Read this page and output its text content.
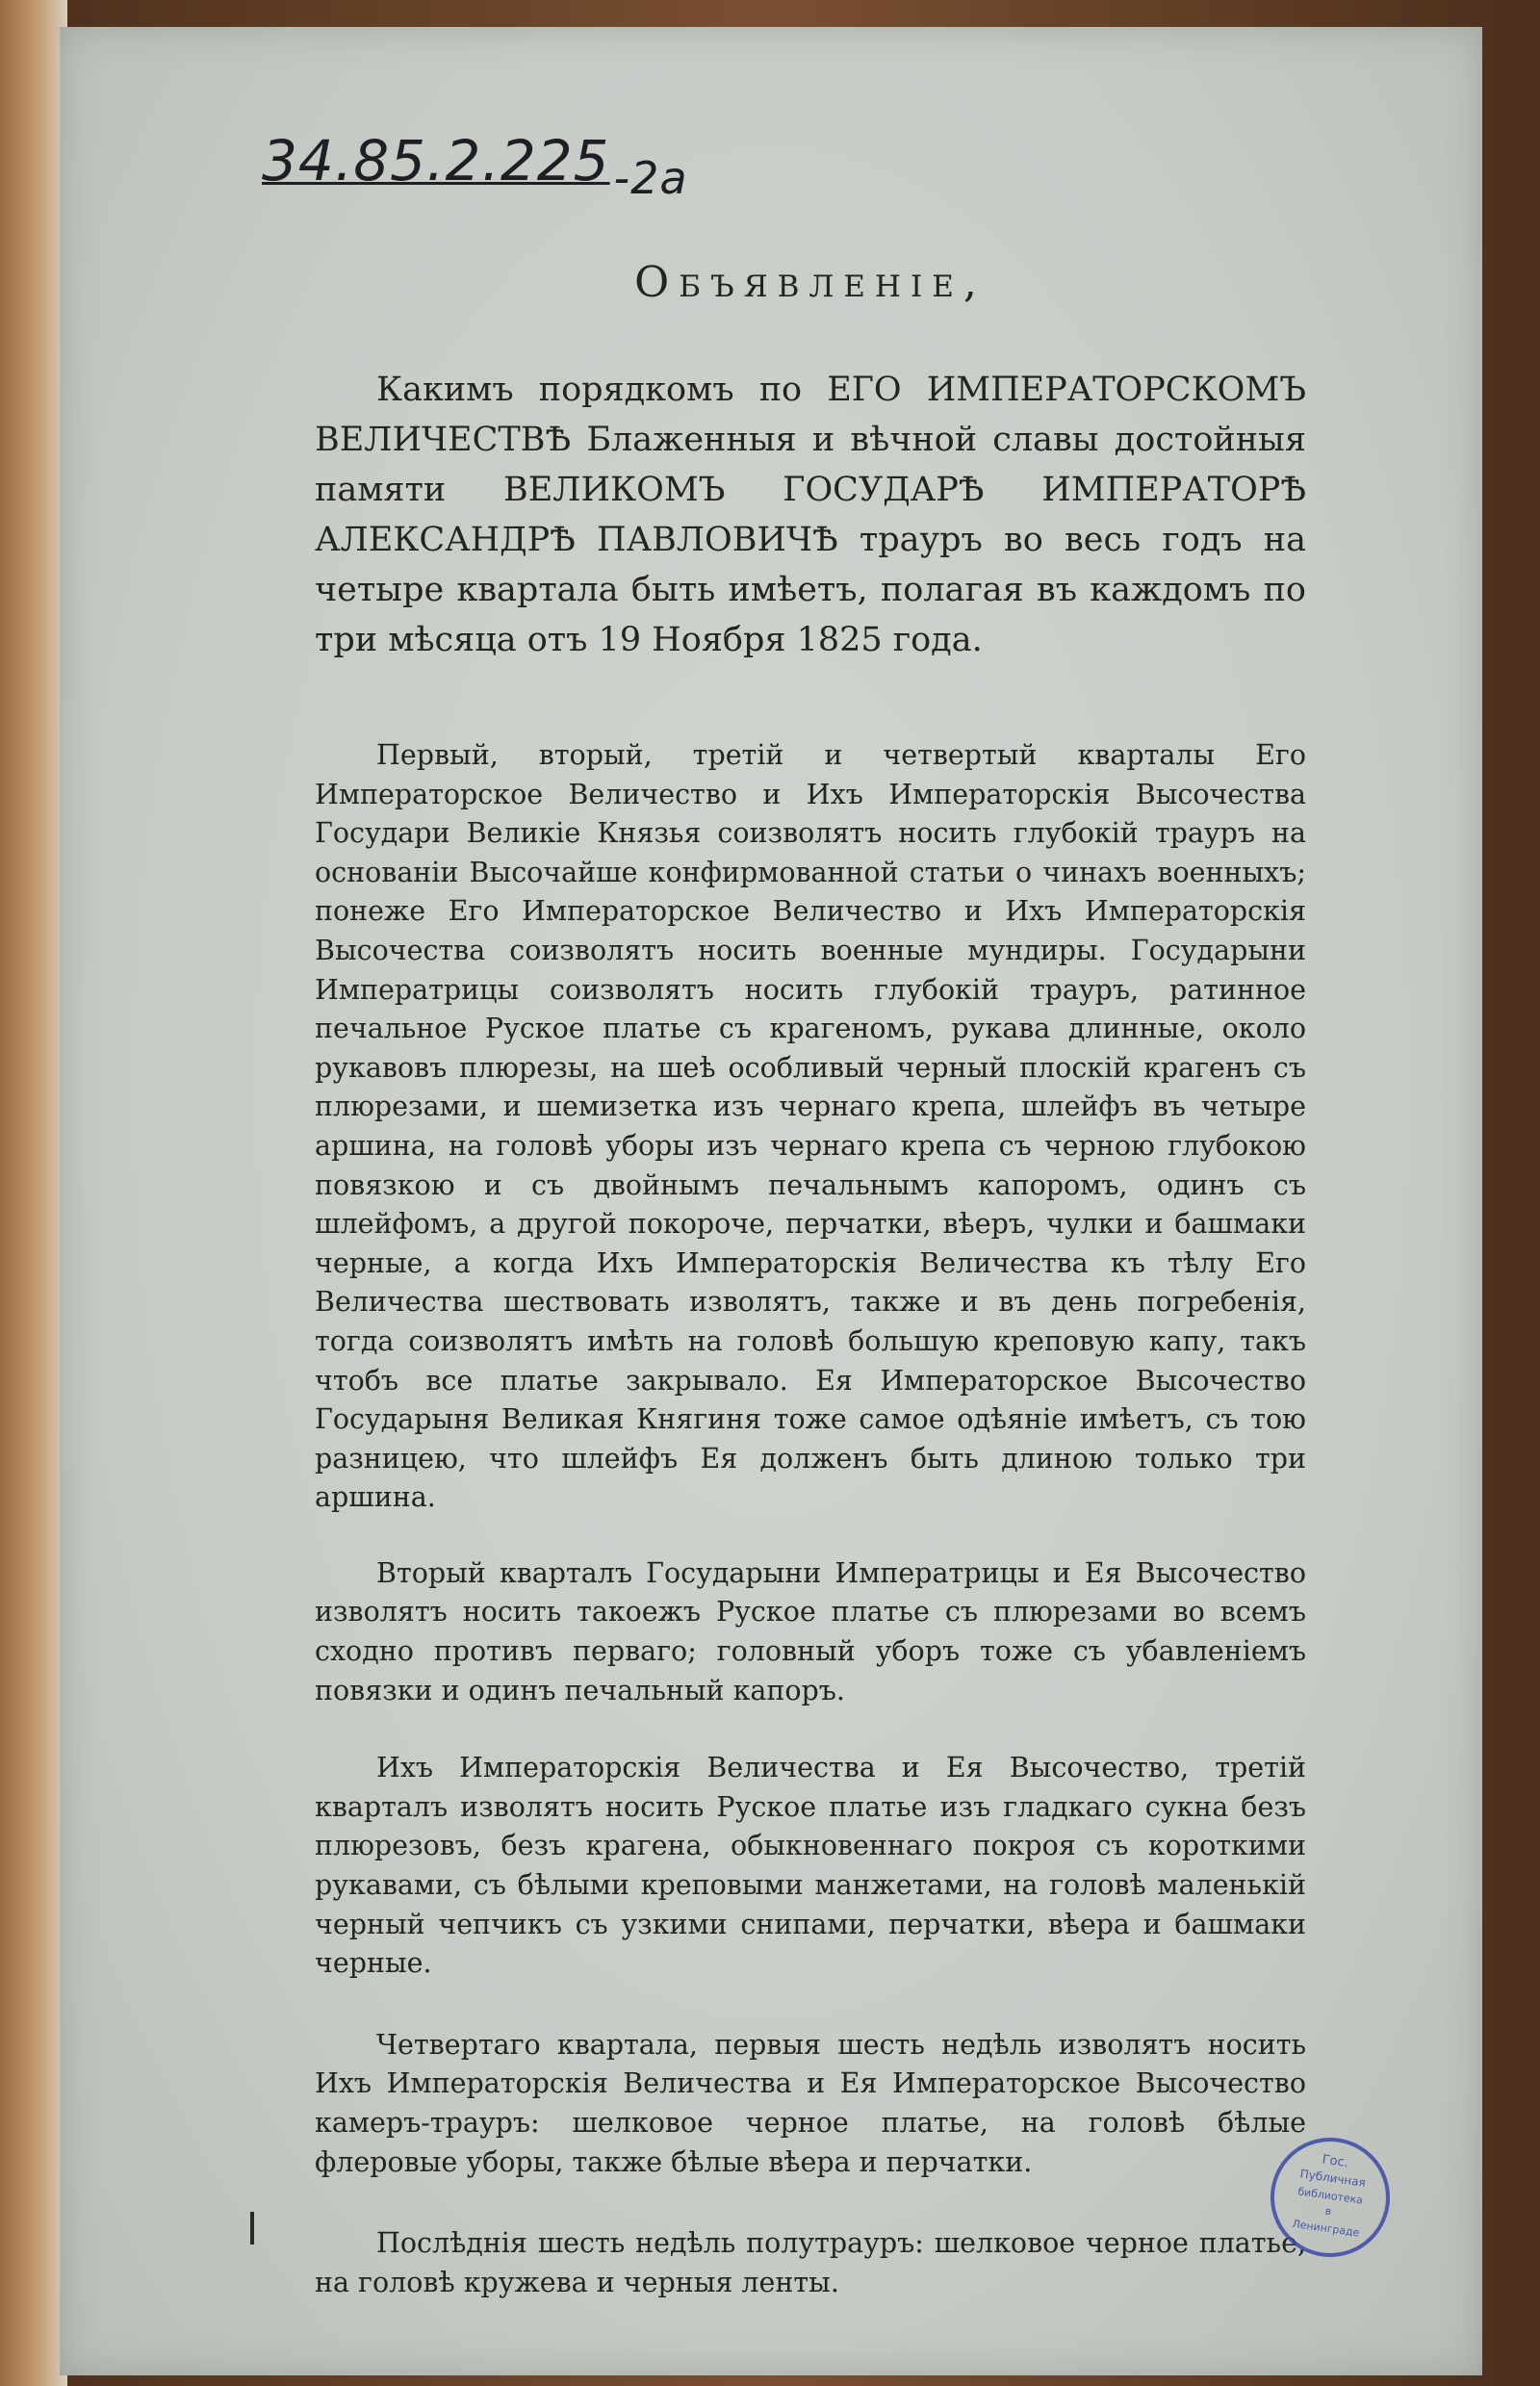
$34.85.2.225_{-2а}$
Объявленiе,

Какимъ порядкомъ по ЕГО ИМПЕРАТОРСКОМЪ ВЕЛИЧЕСТВѢ Блаженныя и вѣчной славы достойныя памяти ВЕЛИКОМЪ ГОСУДАРѢ ИМПЕРАТОРѢ АЛЕКСАНДРѢ ПАВЛОВИЧѢ трауръ во весь годъ на четыре квартала быть имѣетъ, полагая въ каждомъ по три мѣсяца отъ 19 Ноября 1825 года.

Первый, вторый, третiй и четвертый кварталы Его Императорское Величество и Ихъ Императорскiя Высочества Государи Великiе Князья соизволятъ носить глубокiй трауръ на основанiи Высочайше конфирмованной статьи о чинахъ военныхъ; понеже Его Императорское Величество и Ихъ Императорскiя Высочества соизволятъ носить военные мундиры. Государыни Императрицы соизволятъ носить глубокiй трауръ, ратинное печальное Руское платье съ крагеномъ, рукава длинные, около рукавовъ плюрезы, на шеѣ особливый черный плоскiй крагенъ съ плюрезами, и шемизетка изъ чернаго крепа, шлейфъ въ четыре аршина, на головѣ уборы изъ чернаго крепа съ черною глубокою повязкою и съ двойнымъ печальнымъ капоромъ, одинъ съ шлейфомъ, а другой покороче, перчатки, вѣеръ, чулки и башмаки черные, а когда Ихъ Императорскiя Величества къ тѣлу Его Величества шествовать изволятъ, также и въ день погребенiя, тогда соизволятъ имѣть на головѣ большую креповую капу, такъ чтобъ все платье закрывало. Ея Императорское Высочество Государыня Великая Княгиня тоже самое одѣянiе имѣетъ, съ тою разницею, что шлейфъ Ея долженъ быть длиною только три аршина.

Вторый кварталъ Государыни Императрицы и Ея Высочество изволятъ носить такоежъ Руское платье съ плюрезами во всемъ сходно противъ перваго; головный уборъ тоже съ убавленiемъ повязки и одинъ печальный капоръ.

Ихъ Императорскiя Величества и Ея Высочество, третiй кварталъ изволятъ носить Руское платье изъ гладкаго сукна безъ плюрезовъ, безъ крагена, обыкновеннаго покроя съ короткими рукавами, съ бѣлыми креповыми манжетами, на головѣ маленькiй черный чепчикъ съ узкими снипами, перчатки, вѣера и башмаки черные.

Четвертаго квартала, первыя шесть недѣль изволятъ носить Ихъ Императорскiя Величества и Ея Императорское Высочество камеръ-трауръ: шелковое черное платье, на головѣ бѣлые флеровые уборы, также бѣлые вѣера и перчатки.

Послѣднiя шесть недѣль полутрауръ: шелковое черное платье, на головѣ кружева и черныя ленты.

Гос.
Публичная
библиотека
в
Ленинграде
